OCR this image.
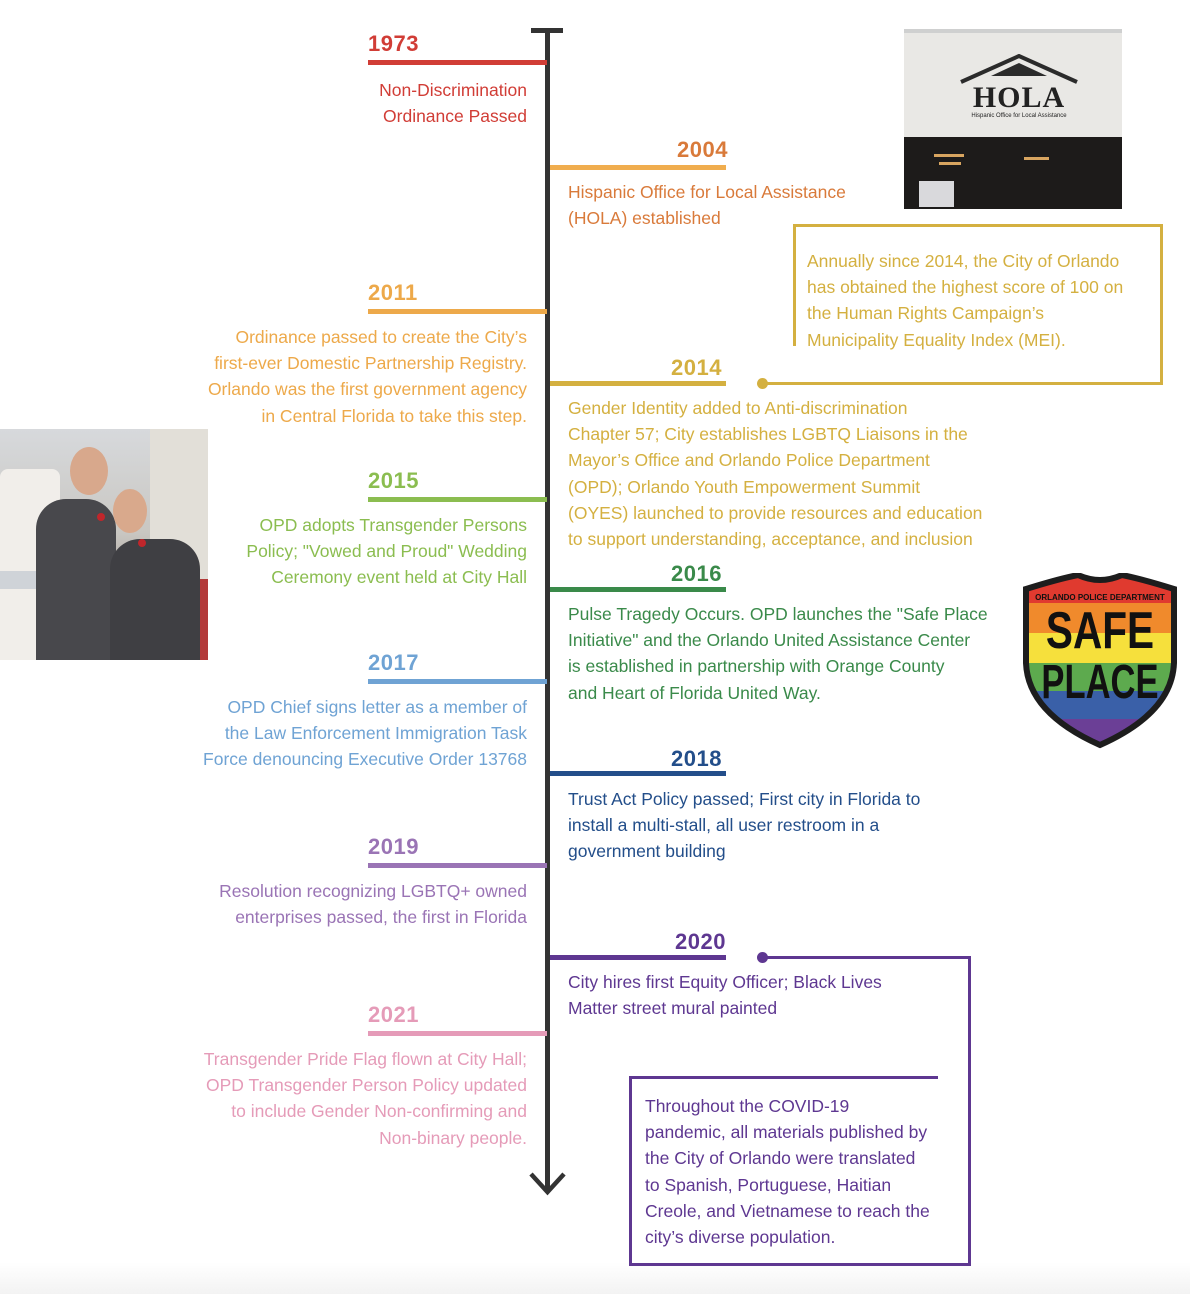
1973
Non-Discrimination
Ordinance Passed
HOLA
Hispanic Office for Local Assistance
2004
Hispanic Office for Local Assistance
(HOLA) established
Annually since 2014, the City of Orlando
has obtained the highest score of 100 on
the Human Rights Campaign’s
Municipality Equality Index (MEI).
2011
Ordinance passed to create the City’s
first-ever Domestic Partnership Registry.
Orlando was the first government agency
in Central Florida to take this step.
2014
Gender Identity added to Anti-discrimination
Chapter 57; City establishes LGBTQ Liaisons in the
Mayor’s Office and Orlando Police Department
(OPD); Orlando Youth Empowerment Summit
(OYES) launched to provide resources and education
to support understanding, acceptance, and inclusion
2015
OPD adopts Transgender Persons
Policy; "Vowed and Proud" Wedding
Ceremony event held at City Hall	2016
Pulse Tragedy Occurs. OPD launches the "Safe Place
Initiative" and the Orlando United Assistance Center
is established in partnership with Orange County
and Heart of Florida United Way.
ORLANDO POLICE DEPARTMENT
SAFE
PLACE
2017
OPD Chief signs letter as a member of
the Law Enforcement Immigration Task
Force denouncing Executive Order 13768	2018
Trust Act Policy passed; First city in Florida to
install a multi-stall, all user restroom in a
government building
2019
Resolution recognizing LGBTQ+ owned
enterprises passed, the first in Florida
2020
City hires first Equity Officer; Black Lives
Matter street mural painted
Throughout the COVID-19
pandemic, all materials published by
the City of Orlando were translated
to Spanish, Portuguese, Haitian
Creole, and Vietnamese to reach the
city’s diverse population.
2021
Transgender Pride Flag flown at City Hall;
OPD Transgender Person Policy updated
to include Gender Non-confirming and
Non-binary people.
